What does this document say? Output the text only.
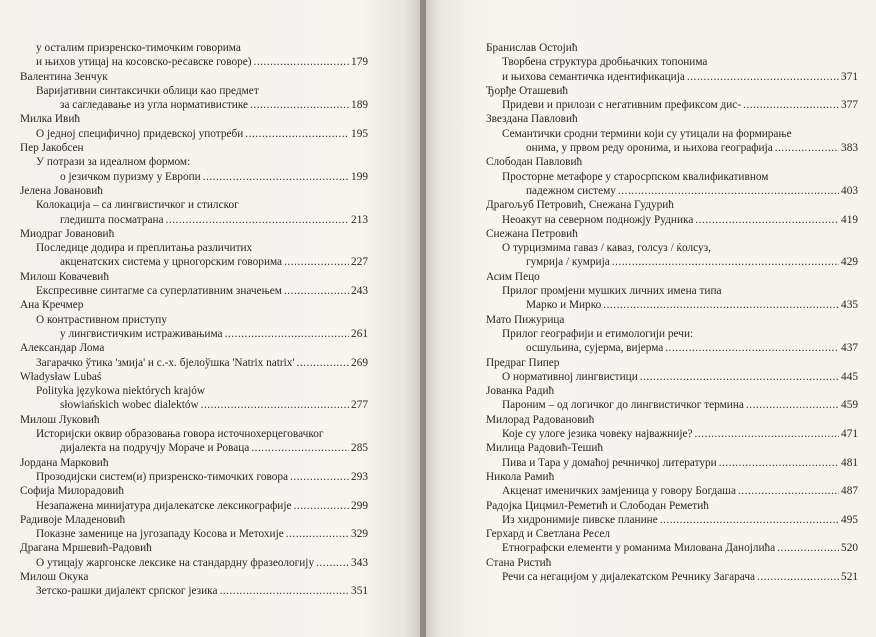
у осталим призренско-тимочким говорима
и њихов утицај на косовско-ресавске говоре) .....	179
Валентина Зенчук
Варијативни синтаксички облици као предмет
за сагледавање из угла нормативистике .....	189
Милка Ивић
О једној специфичној придевској употреби .....	195
Пер Јакобсен
У потрази за идеалном формом:
о језичком пуризму у Европи .....	199
Јелена Јовановић
Колокација – са лингвистичког и стилског
гледишта посматрана .....	213
Миодраг Јовановић
Последице додира и преплитања различитих
акценатских система у црногорским говорима .....	227
Милош Ковачевић
Експресивне синтагме са суперлативним значењем .....	243
Ана Кречмер
О контрастивном приступу
у лингвистичким истраживањима .....	261
Александар Лома
Загарачко ўтика 'змија' и с.-х. бјелоўшка 'Natrix natrix' .....	269
Władysław Lubaś
Polityka językowa niektórych krajów
słowiańskich wobec dialektów .....	277
Милош Луковић
Историјски оквир образовања говора источнохерцеговачког
дијалекта на подручју Мораче и Роваца .....	285
Јордана Марковић
Прозодијски систем(и) призренско-тимочких говора .....	293
Софија Милорадовић
Незапажена минијатура дијалекатске лексикографије .....	299
Радивоје Младеновић
Показне заменице на југозападу Косова и Метохије .....	329
Драгана Мршевић-Радовић
О утицају жаргонске лексике на стандардну фразеологију .....	343
Милош Окука
Зетско-рашки дијалект српског језика .....	351
Бранислав Остојић
Творбена структура дробњачких топонима
и њихова семантичка идентификација .....	371
Ђорђе Оташевић
Придеви и прилози с негативним префиксом дис- .....	377
Звездана Павловић
Семантички сродни термини који су утицали на формирање
онима, у првом реду оронима, и њихова географија .....	383
Слободан Павловић
Просторне метафоре у старосрпском квалификативном
падежном систему .....	403
Драгољуб Петровић, Снежана Гудурић
Неоакут на северном подножју Рудника .....	419
Снежана Петровић
О турцизмима гаваз / каваз, голсуз / ќолсуз,
гумрија / кумрија .....	429
Асим Пецо
Прилог промјени мушких личних имена типа
Марко и Мирко .....	435
Мато Пижурица
Прилог географији и етимологији речи:
осшульина, сујерма, вијерма .....	437
Предраг Пипер
О нормативној лингвистици .....	445
Јованка Радић
Пароним – од логичког до лингвистичког термина .....	459
Милорад Радовановић
Које су улоге језика човеку најважније? .....	471
Милица Радовић-Тешић
Пива и Тара у домаћој речничкој литератури .....	481
Никола Рамић
Акценат именичких замјеница у говору Богдаша .....	487
Радојка Цицмил-Реметић и Слободан Реметић
Из хидронимије пивске планине .....	495
Герхард и Светлана Ресел
Етнографски елементи у романима Милована Данојлића .....	520
Стана Ристић
Речи са негацијом у дијалекатском Речнику Загарача .....	521
